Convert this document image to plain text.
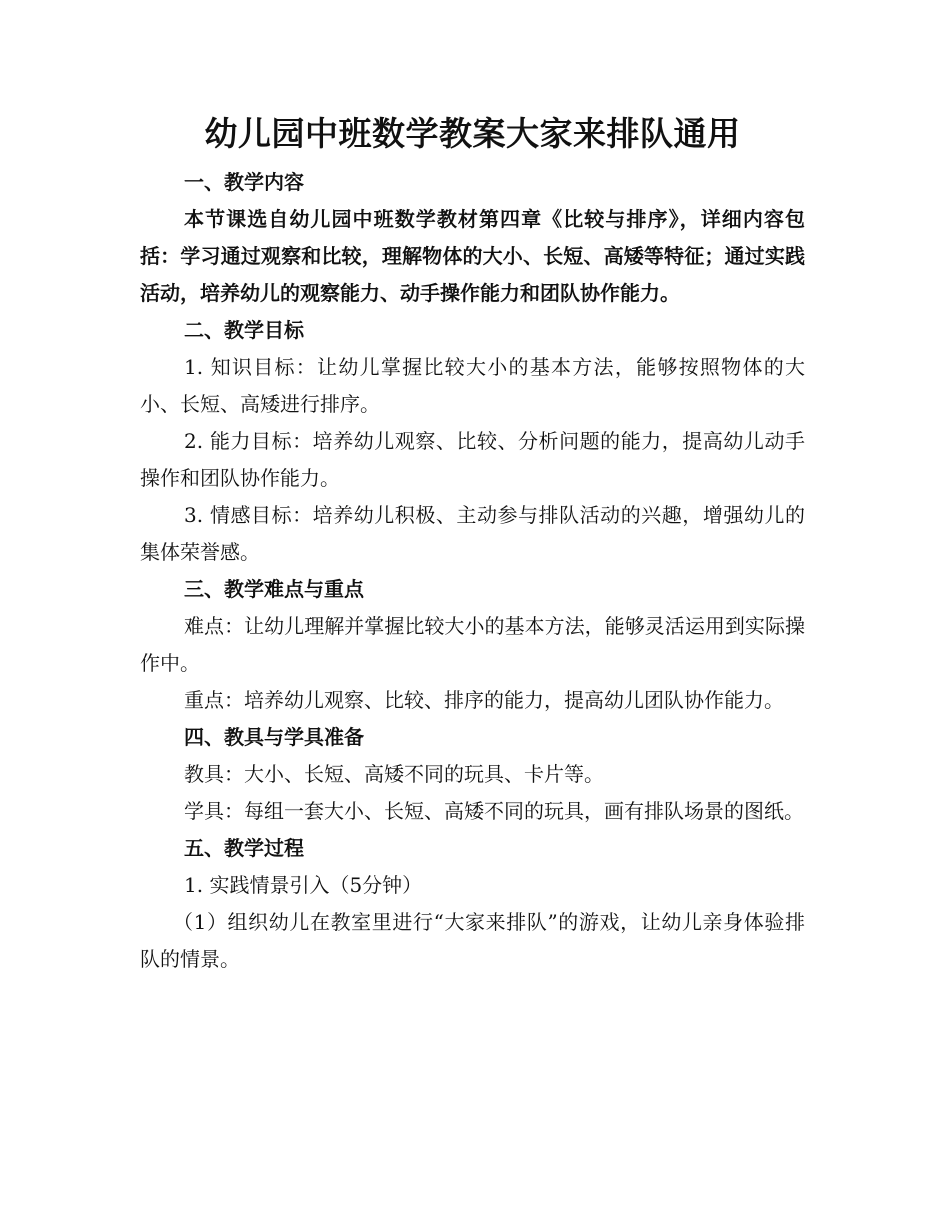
幼儿园中班数学教案大家来排队通用

一、教学内容

本节课选自幼儿园中班数学教材第四章《比较与排序》，详细内容包括：学习通过观察和比较，理解物体的大小、长短、高矮等特征；通过实践活动，培养幼儿的观察能力、动手操作能力和团队协作能力。

二、教学目标

1. 知识目标：让幼儿掌握比较大小的基本方法，能够按照物体的大小、长短、高矮进行排序。

2. 能力目标：培养幼儿观察、比较、分析问题的能力，提高幼儿动手操作和团队协作能力。

3. 情感目标：培养幼儿积极、主动参与排队活动的兴趣，增强幼儿的集体荣誉感。

三、教学难点与重点

难点：让幼儿理解并掌握比较大小的基本方法，能够灵活运用到实际操作中。

重点：培养幼儿观察、比较、排序的能力，提高幼儿团队协作能力。

四、教具与学具准备

教具：大小、长短、高矮不同的玩具、卡片等。

学具：每组一套大小、长短、高矮不同的玩具，画有排队场景的图纸。

五、教学过程

1. 实践情景引入（5分钟）

（1）组织幼儿在教室里进行“大家来排队”的游戏，让幼儿亲身体验排队的情景。
